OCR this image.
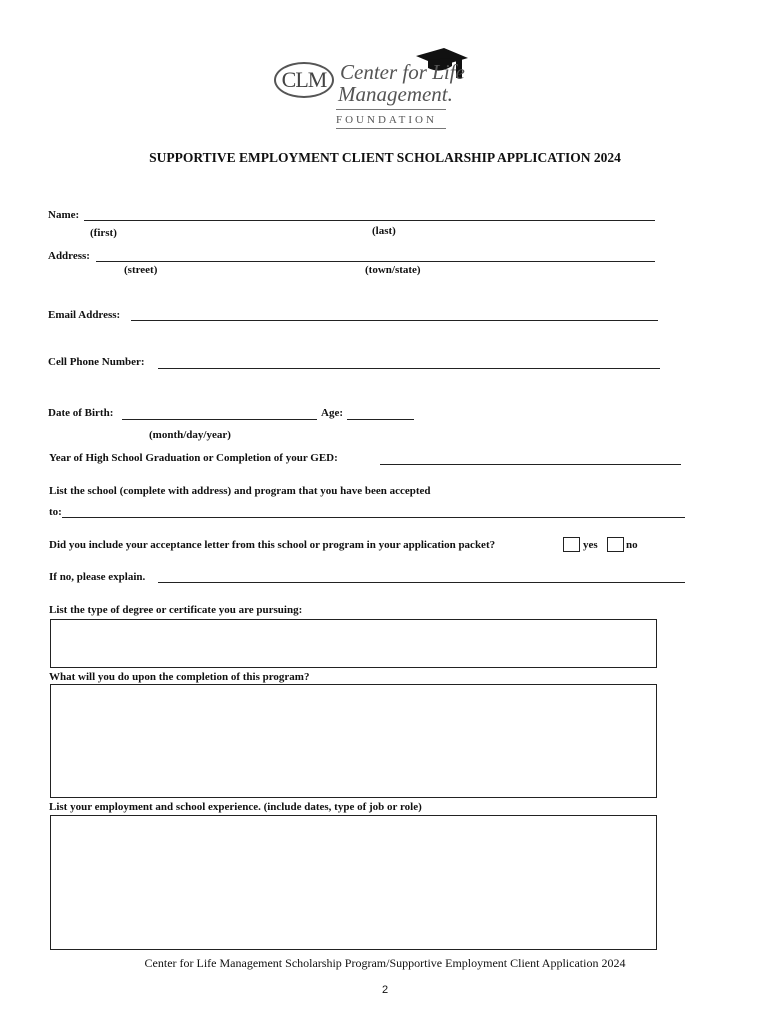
CLM Center for Life
Management.
FOUNDATION
SUPPORTIVE EMPLOYMENT CLIENT SCHOLARSHIP APPLICATION 2024
Name:
(first)	(last)
Address:
(street)	(town/state)
Email Address:
Cell Phone Number:
Date of Birth:	Age:
(month/day/year)
Year of High School Graduation or Completion of your GED:
List the school (complete with address) and program that you have been accepted
to:
Did you include your acceptance letter from this school or program in your application packet?	yes	no
If no, please explain.
List the type of degree or certificate you are pursuing:
What will you do upon the completion of this program?
List your employment and school experience. (include dates, type of job or role)
Center for Life Management Scholarship Program/Supportive Employment Client Application 2024
2
